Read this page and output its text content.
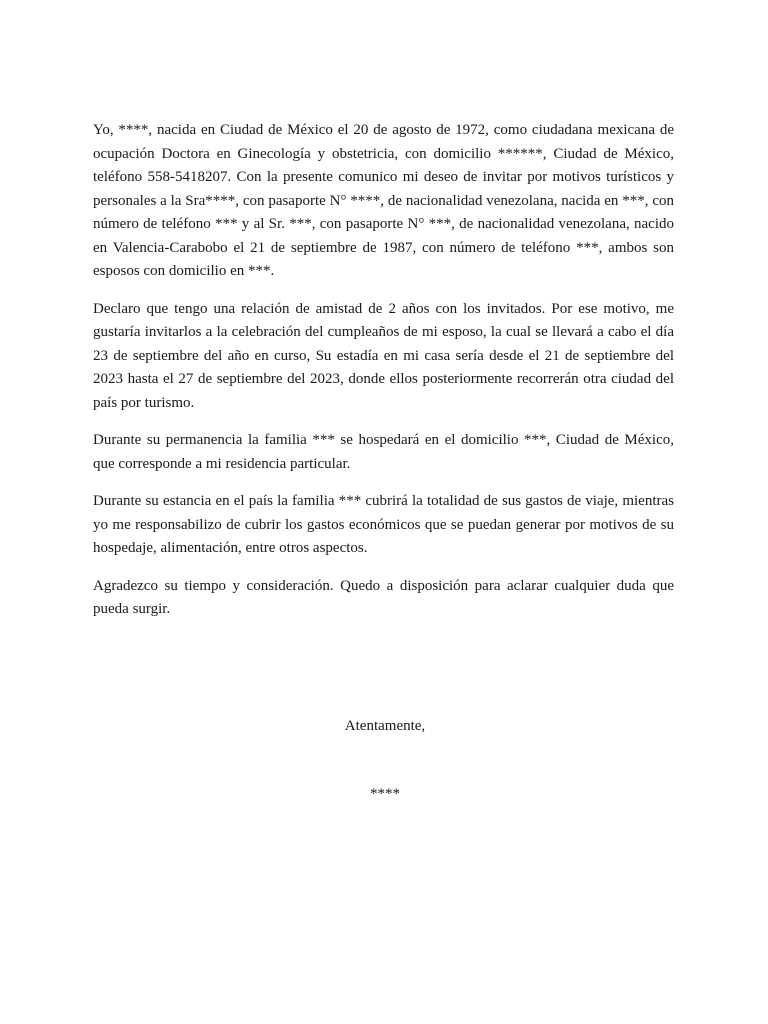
Yo, ****, nacida en Ciudad de México el 20 de agosto de 1972, como ciudadana mexicana de ocupación Doctora en Ginecología y obstetricia, con domicilio ******, Ciudad de México, teléfono 558-5418207. Con la presente comunico mi deseo de invitar por motivos turísticos y personales a la Sra****, con pasaporte N° ****, de nacionalidad venezolana, nacida en ***, con número de teléfono *** y al Sr. ***, con pasaporte N° ***, de nacionalidad venezolana, nacido en Valencia-Carabobo el 21 de septiembre de 1987, con número de teléfono ***, ambos son esposos con domicilio en ***.

Declaro que tengo una relación de amistad de 2 años con los invitados. Por ese motivo, me gustaría invitarlos a la celebración del cumpleaños de mi esposo, la cual se llevará a cabo el día 23 de septiembre del año en curso, Su estadía en mi casa sería desde el 21 de septiembre del 2023 hasta el 27 de septiembre del 2023, donde ellos posteriormente recorrerán otra ciudad del país por turismo.

Durante su permanencia la familia *** se hospedará en el domicilio ***, Ciudad de México, que corresponde a mi residencia particular.

Durante su estancia en el país la familia *** cubrirá la totalidad de sus gastos de viaje, mientras yo me responsabilizo de cubrir los gastos económicos que se puedan generar por motivos de su hospedaje, alimentación, entre otros aspectos.

Agradezco su tiempo y consideración. Quedo a disposición para aclarar cualquier duda que pueda surgir.

Atentamente,
****
